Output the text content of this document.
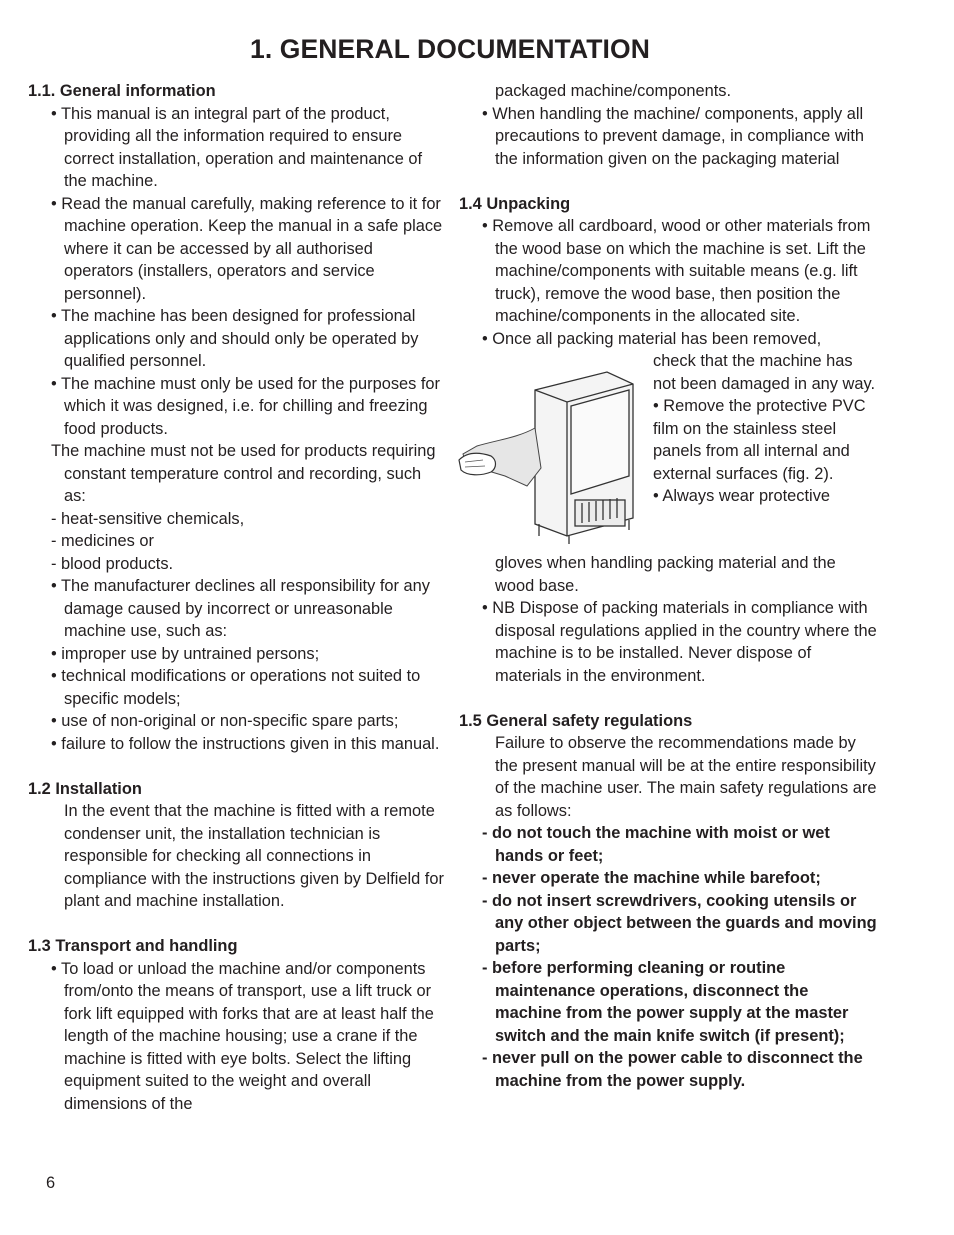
1. GENERAL DOCUMENTATION

1.1. General information

• This manual is an integral part of the product, providing all the information required to ensure correct installation, operation and maintenance of the machine.

• Read the manual carefully, making reference to it for machine operation. Keep the manual in a safe place where it can be accessed by all authorised operators (installers, operators and service personnel).

• The machine has been designed for professional applications only and should only be operated by qualified personnel.

• The machine must only be used for the purposes for which it was designed, i.e. for chilling and freezing food products.

The machine must not be used for products requiring constant temperature control and recording, such as:

- heat-sensitive chemicals,

- medicines or

- blood products.

• The manufacturer declines all responsibility for any damage caused by incorrect or unreasonable machine use, such as:

• improper use by untrained persons;

• technical modifications or operations not suited to specific models;

• use of non-original or non-specific spare parts;

• failure to follow the instructions given in this manual.

1.2 Installation

In the event that the machine is fitted with a remote condenser unit, the installation technician is responsible for checking all connections in compliance with the instructions given by Delfield for plant and machine installation.

1.3 Transport and handling

• To load or unload the machine and/or components from/onto the means of transport, use a lift truck or fork lift equipped with forks that are at least half the length of the machine housing; use a crane if the machine is fitted with eye bolts. Select the lifting equipment suited to the weight and overall dimensions of the

packaged machine/components.

• When handling the machine/ components, apply all precautions to prevent damage, in compliance with the information given on the packaging material

1.4 Unpacking

• Remove all cardboard, wood or other materials from the wood base on which the machine is set. Lift the machine/components with suitable means (e.g. lift truck), remove the wood base, then position the machine/components in the allocated site.

• Once all packing material has been removed,

check that the machine has not been damaged in any way.

• Remove the protective PVC film on the stainless steel panels from all internal and external surfaces (fig. 2).

• Always wear protective

gloves when handling packing material and the wood base.

• NB Dispose of packing materials in compliance with disposal regulations applied in the country where the machine is to be installed. Never dispose of materials in the environment.

1.5 General safety regulations

Failure to observe the recommendations made by the present manual will be at the entire responsibility of the machine user. The main safety regulations are as follows:

- do not touch the machine with moist or wet hands or feet;

- never operate the machine while barefoot;

- do not insert screwdrivers, cooking utensils or any other object between the guards and moving parts;

- before performing cleaning or routine maintenance operations, disconnect the machine from the power supply at the master switch and the main knife switch (if present);

- never pull on the power cable to disconnect the machine from the power supply.

6
